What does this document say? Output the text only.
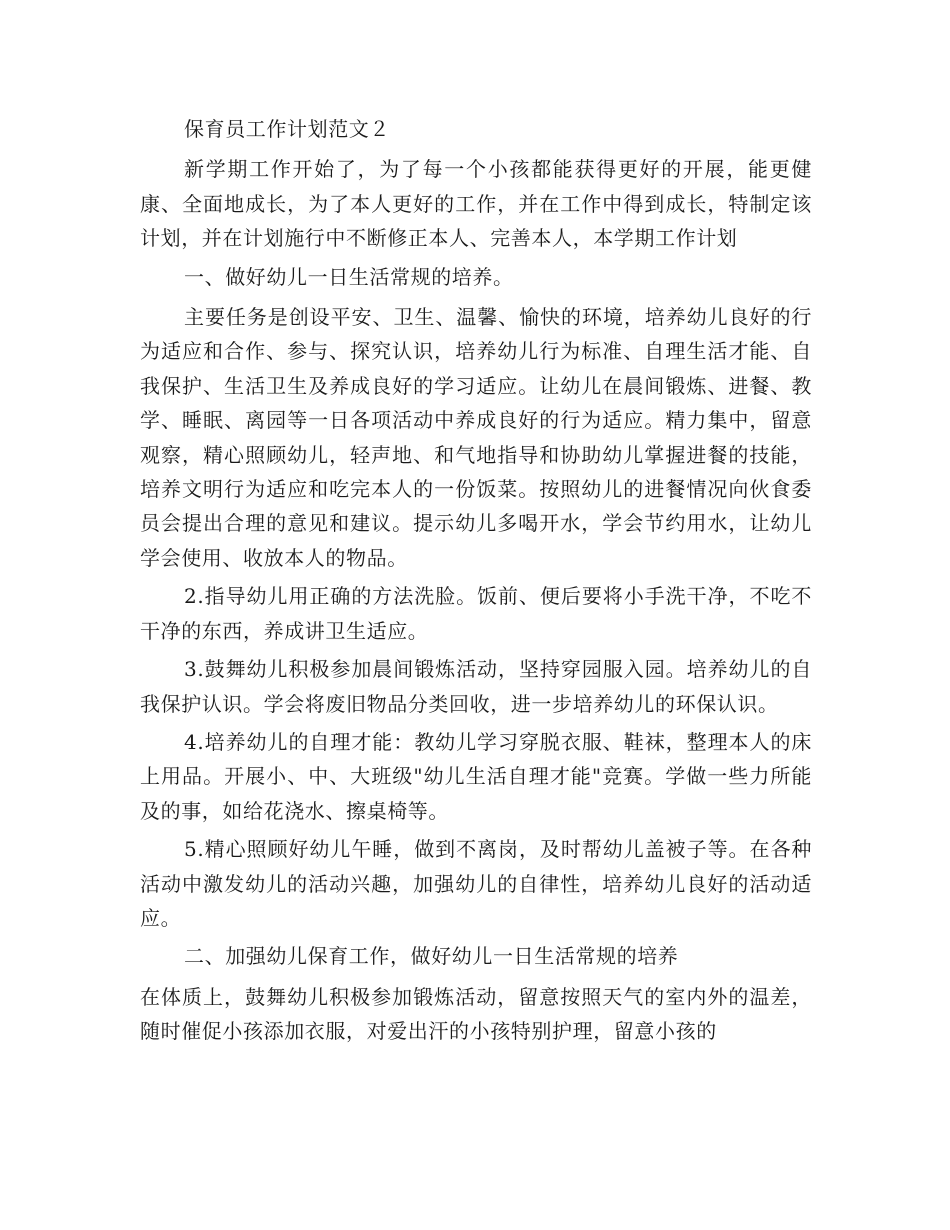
保育员工作计划范文２

新学期工作开始了，为了每一个小孩都能获得更好的开展，能更健康、全面地成长，为了本人更好的工作，并在工作中得到成长，特制定该计划，并在计划施行中不断修正本人、完善本人，本学期工作计划

一、做好幼儿一日生活常规的培养。

主要任务是创设平安、卫生、温馨、愉快的环境，培养幼儿良好的行为适应和合作、参与、探究认识，培养幼儿行为标准、自理生活才能、自我保护、生活卫生及养成良好的学习适应。让幼儿在晨间锻炼、进餐、教学、睡眠、离园等一日各项活动中养成良好的行为适应。精力集中，留意观察，精心照顾幼儿，轻声地、和气地指导和协助幼儿掌握进餐的技能，培养文明行为适应和吃完本人的一份饭菜。按照幼儿的进餐情况向伙食委员会提出合理的意见和建议。提示幼儿多喝开水，学会节约用水，让幼儿学会使用、收放本人的物品。

2.指导幼儿用正确的方法洗脸。饭前、便后要将小手洗干净，不吃不干净的东西，养成讲卫生适应。

3.鼓舞幼儿积极参加晨间锻炼活动，坚持穿园服入园。培养幼儿的自我保护认识。学会将废旧物品分类回收，进一步培养幼儿的环保认识。

4.培养幼儿的自理才能：教幼儿学习穿脱衣服、鞋袜，整理本人的床上用品。开展小、中、大班级"幼儿生活自理才能"竞赛。学做一些力所能及的事，如给花浇水、擦桌椅等。

5.精心照顾好幼儿午睡，做到不离岗，及时帮幼儿盖被子等。在各种活动中激发幼儿的活动兴趣，加强幼儿的自律性，培养幼儿良好的活动适应。

二、加强幼儿保育工作，做好幼儿一日生活常规的培养

在体质上，鼓舞幼儿积极参加锻炼活动，留意按照天气的室内外的温差，随时催促小孩添加衣服，对爱出汗的小孩特别护理，留意小孩的
